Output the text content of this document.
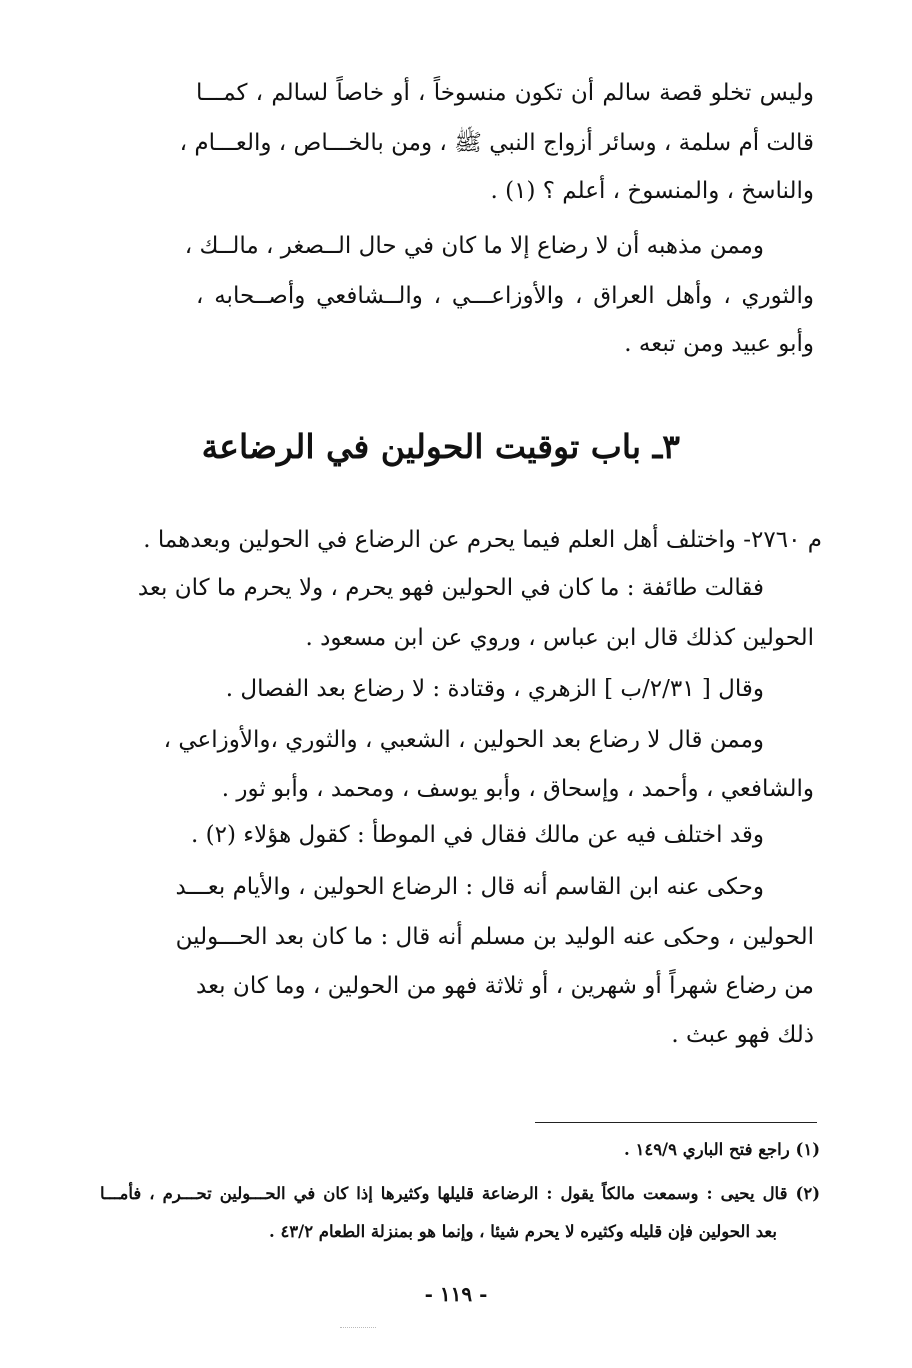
وليس تخلو قصة سالم أن تكون منسوخاً ، أو خاصاً لسالم ، كمـــا
قالت أم سلمة ، وسائر أزواج النبي ﷺ ، ومن بالخـــاص ، والعـــام ،
والناسخ ، والمنسوخ ، أعلم ؟ (١) .
وممن مذهبه أن لا رضاع إلا ما كان في حال الــصغر ، مالــك ،
والثوري ، وأهل العراق ، والأوزاعـــي ، والــشافعي وأصــحابه ،
وأبو عبيد ومن تبعه .
٣ـ باب توقيت الحولين في الرضاعة
م ٢٧٦٠- واختلف أهل العلم فيما يحرم عن الرضاع في الحولين وبعدهما .
فقالت طائفة : ما كان في الحولين فهو يحرم ، ولا يحرم ما كان بعد
الحولين كذلك قال ابن عباس ، وروي عن ابن مسعود .
وقال [ ٢/٣١/ب ] الزهري ، وقتادة : لا رضاع بعد الفصال .
وممن قال لا رضاع بعد الحولين ، الشعبي ، والثوري ،والأوزاعي ،
والشافعي ، وأحمد ، وإسحاق ، وأبو يوسف ، ومحمد ، وأبو ثور .
وقد اختلف فيه عن مالك فقال في الموطأ : كقول هؤلاء (٢) .
وحكى عنه ابن القاسم أنه قال : الرضاع الحولين ، والأيام بعـــد
الحولين ، وحكى عنه الوليد بن مسلم أنه قال : ما كان بعد الحـــولين
من رضاع شهراً أو شهرين ، أو ثلاثة فهو من الحولين ، وما كان بعد
ذلك فهو عبث .
(١) راجع فتح الباري ١٤٩/٩ .
(٢) قال يحيى : وسمعت مالكاً يقول : الرضاعة قليلها وكثيرها إذا كان في الحـــولين تحـــرم ، فأمـــا
بعد الحولين فإن قليله وكثيره لا يحرم شيئا ، وإنما هو بمنزلة الطعام ٤٣/٢ .
- ١١٩ -
